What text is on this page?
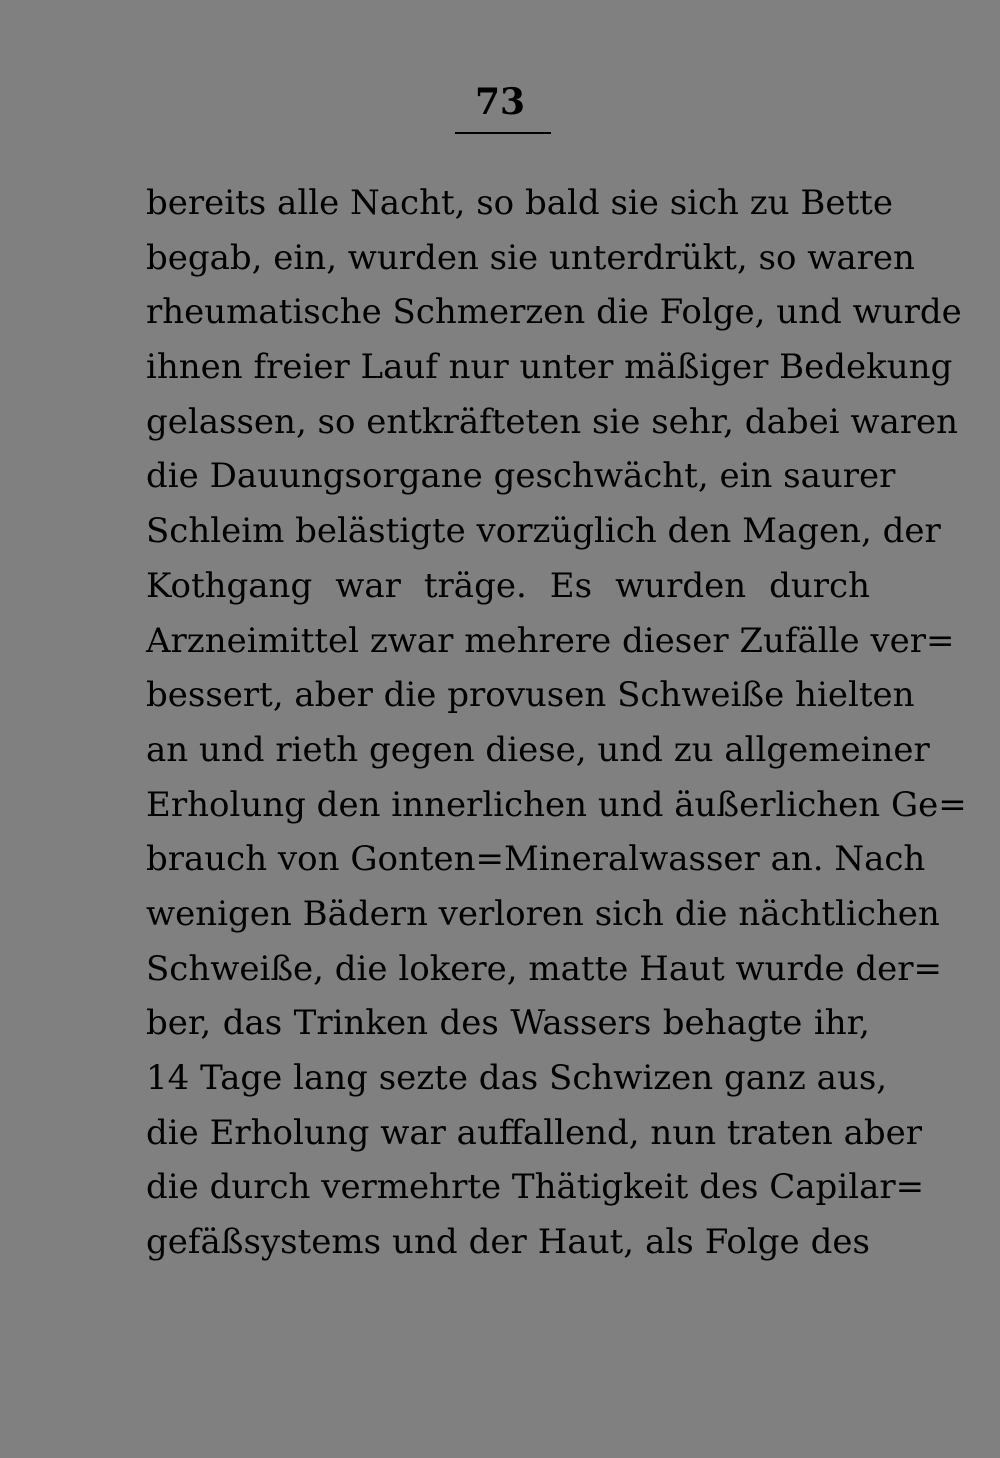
73
bereits alle Nacht, so bald sie sich zu Bette
begab, ein, wurden sie unterdrükt, so waren
rheumatische Schmerzen die Folge, und wurde
ihnen freier Lauf nur unter mäßiger Bedekung
gelassen, so entkräfteten sie sehr, dabei waren
die Dauungsorgane geschwächt, ein saurer
Schleim belästigte vorzüglich den Magen, der
Kothgang war träge. Es wurden durch
Arzneimittel zwar mehrere dieser Zufälle ver=
bessert, aber die provusen Schweiße hielten
an und rieth gegen diese, und zu allgemeiner
Erholung den innerlichen und äußerlichen Ge=
brauch von Gonten=Mineralwasser an. Nach
wenigen Bädern verloren sich die nächtlichen
Schweiße, die lokere, matte Haut wurde der=
ber, das Trinken des Wassers behagte ihr,
14 Tage lang sezte das Schwizen ganz aus,
die Erholung war auffallend, nun traten aber
die durch vermehrte Thätigkeit des Capilar=
gefäßsystems und der Haut, als Folge des
